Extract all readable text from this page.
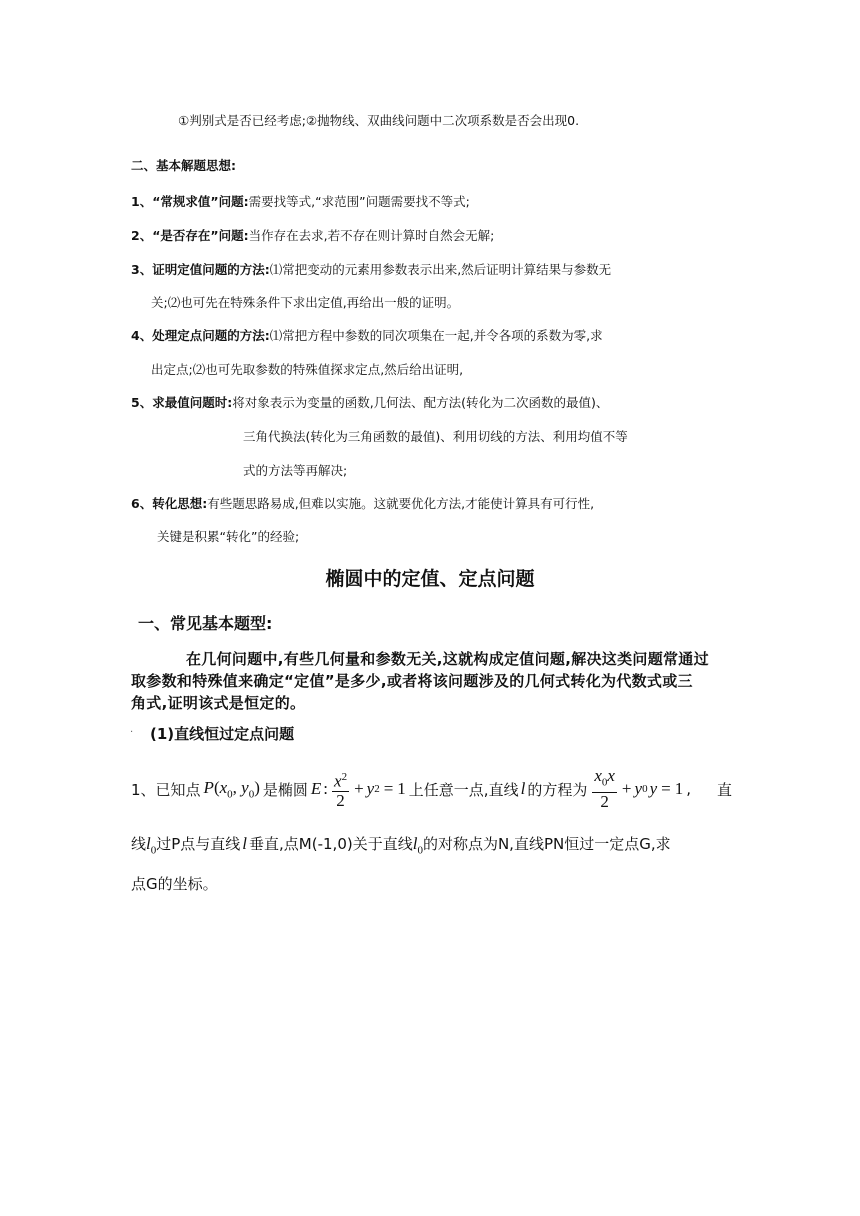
①判别式是否已经考虑;②抛物线、双曲线问题中二次项系数是否会出现0.
二、基本解题思想:
1、“常规求值”问题:需要找等式,“求范围”问题需要找不等式;
2、“是否存在”问题:当作存在去求,若不存在则计算时自然会无解;
3、证明定值问题的方法:⑴常把变动的元素用参数表示出来,然后证明计算结果与参数无
关;⑵也可先在特殊条件下求出定值,再给出一般的证明。
4、处理定点问题的方法:⑴常把方程中参数的同次项集在一起,并令各项的系数为零,求
出定点;⑵也可先取参数的特殊值探求定点,然后给出证明,
5、求最值问题时:将对象表示为变量的函数,几何法、配方法(转化为二次函数的最值)、
三角代换法(转化为三角函数的最值)、利用切线的方法、利用均值不等
式的方法等再解决;
6、转化思想:有些题思路易成,但难以实施。这就要优化方法,才能使计算具有可行性,
关键是积累“转化”的经验;
椭圆中的定值、定点问题
一、常见基本题型:
在几何问题中,有些几何量和参数无关,这就构成定值问题,解决这类问题常通过
取参数和特殊值来确定“定值”是多少,或者将该问题涉及的几何式转化为代数式或三
角式,证明该式是恒定的。
. (1)直线恒过定点问题
1、已知点 $P(x_0$, $y_0$) 是椭圆 E : $\frac{x^2}{2} + y$ 2 = 1 上任意一点,直线 l 的方程为 $\frac{x_0x}{2} + y$ 0 y = 1 , 直
线$l_0$过P点与直线 l 垂直,点M(-1,0)关于直线$l_0$的对称点为N,直线PN恒过一定点G,求
点G的坐标。
